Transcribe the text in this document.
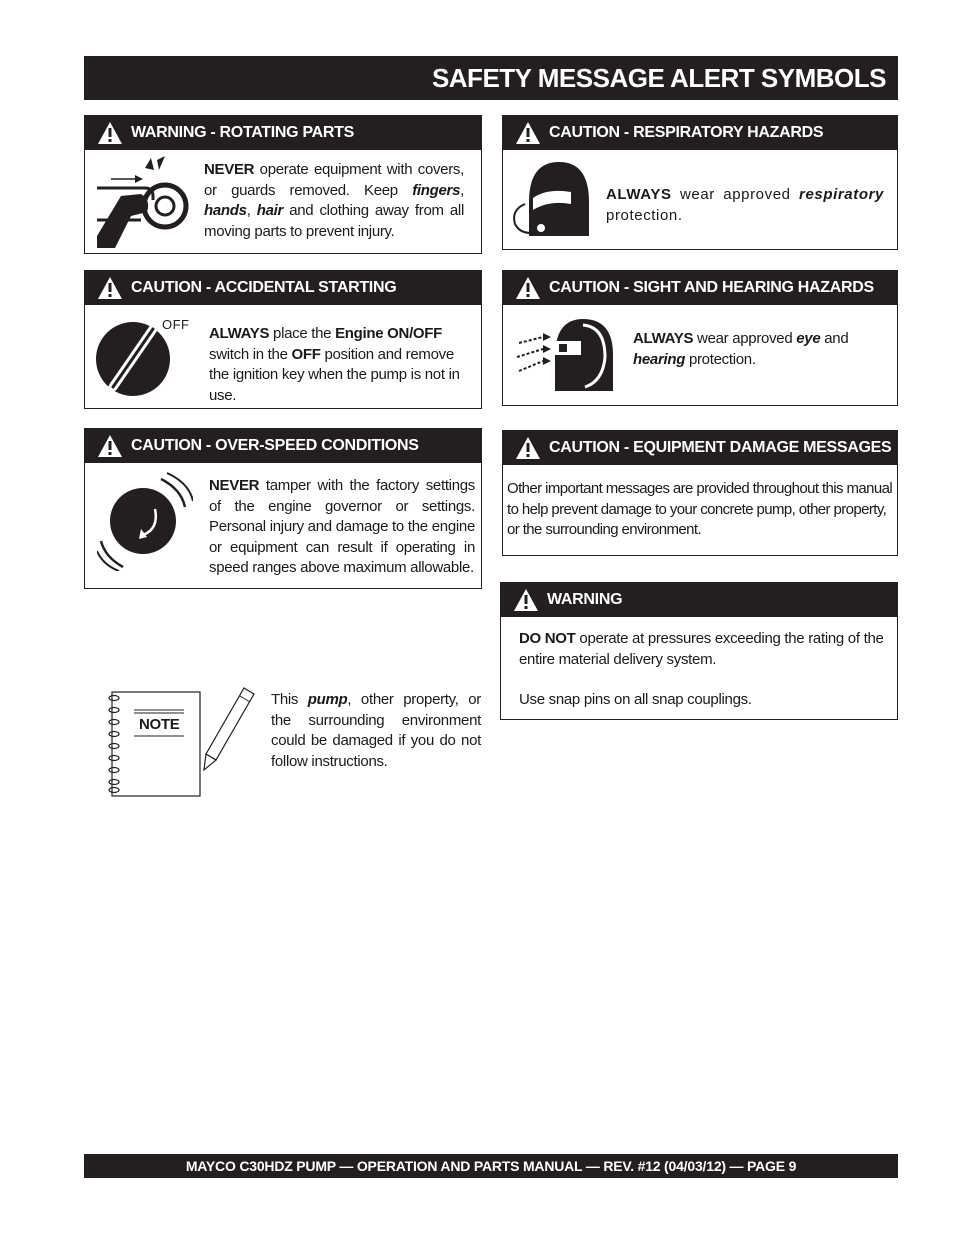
SAFETY MESSAGE ALERT SYMBOLS
WARNING - ROTATING PARTS
NEVER operate equipment with covers, or guards removed. Keep fingers, hands, hair and clothing away from all moving parts to prevent injury.
CAUTION - RESPIRATORY HAZARDS
ALWAYS wear approved respiratory protection.
CAUTION - ACCIDENTAL STARTING
OFF
ALWAYS place the Engine ON/OFF switch in the OFF position and remove the ignition key when the pump is not in use.
CAUTION - SIGHT AND HEARING HAZARDS
ALWAYS wear approved eye and hearing protection.
CAUTION - OVER-SPEED CONDITIONS
NEVER tamper with the factory settings of the engine governor or settings. Personal injury and damage to the engine or equipment can result if operating in speed ranges above maximum allowable.
CAUTION - EQUIPMENT DAMAGE MESSAGES
Other important messages are provided throughout this manual to help prevent damage to your concrete pump, other property, or the surrounding environment.
WARNING
DO NOT operate at pressures exceeding the rating of the entire material delivery system.
Use snap pins on all snap couplings.
NOTE
This pump, other property, or the surrounding environment could be damaged if you do not follow instructions.
MAYCO C30HDZ PUMP — OPERATION AND PARTS MANUAL — REV. #12 (04/03/12) — PAGE 9
